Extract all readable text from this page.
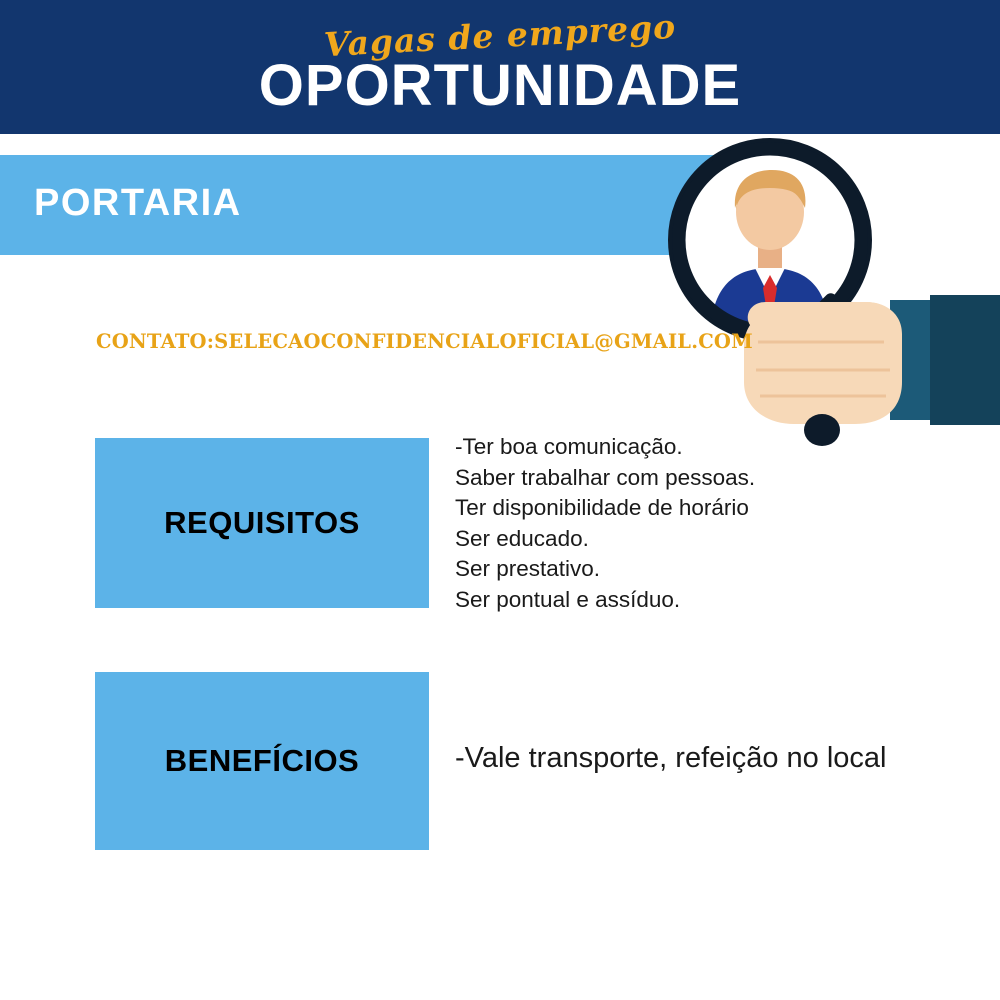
Vagas de emprego
OPORTUNIDADE
PORTARIA
CONTATO:SELECAOCONFIDENCIALOFICIAL@GMAIL.COM
REQUISITOS
-Ter boa comunicação.
Saber trabalhar com pessoas.
Ter disponibilidade de horário
Ser educado.
Ser prestativo.
Ser pontual e assíduo.
BENEFÍCIOS	-Vale transporte, refeição no local
